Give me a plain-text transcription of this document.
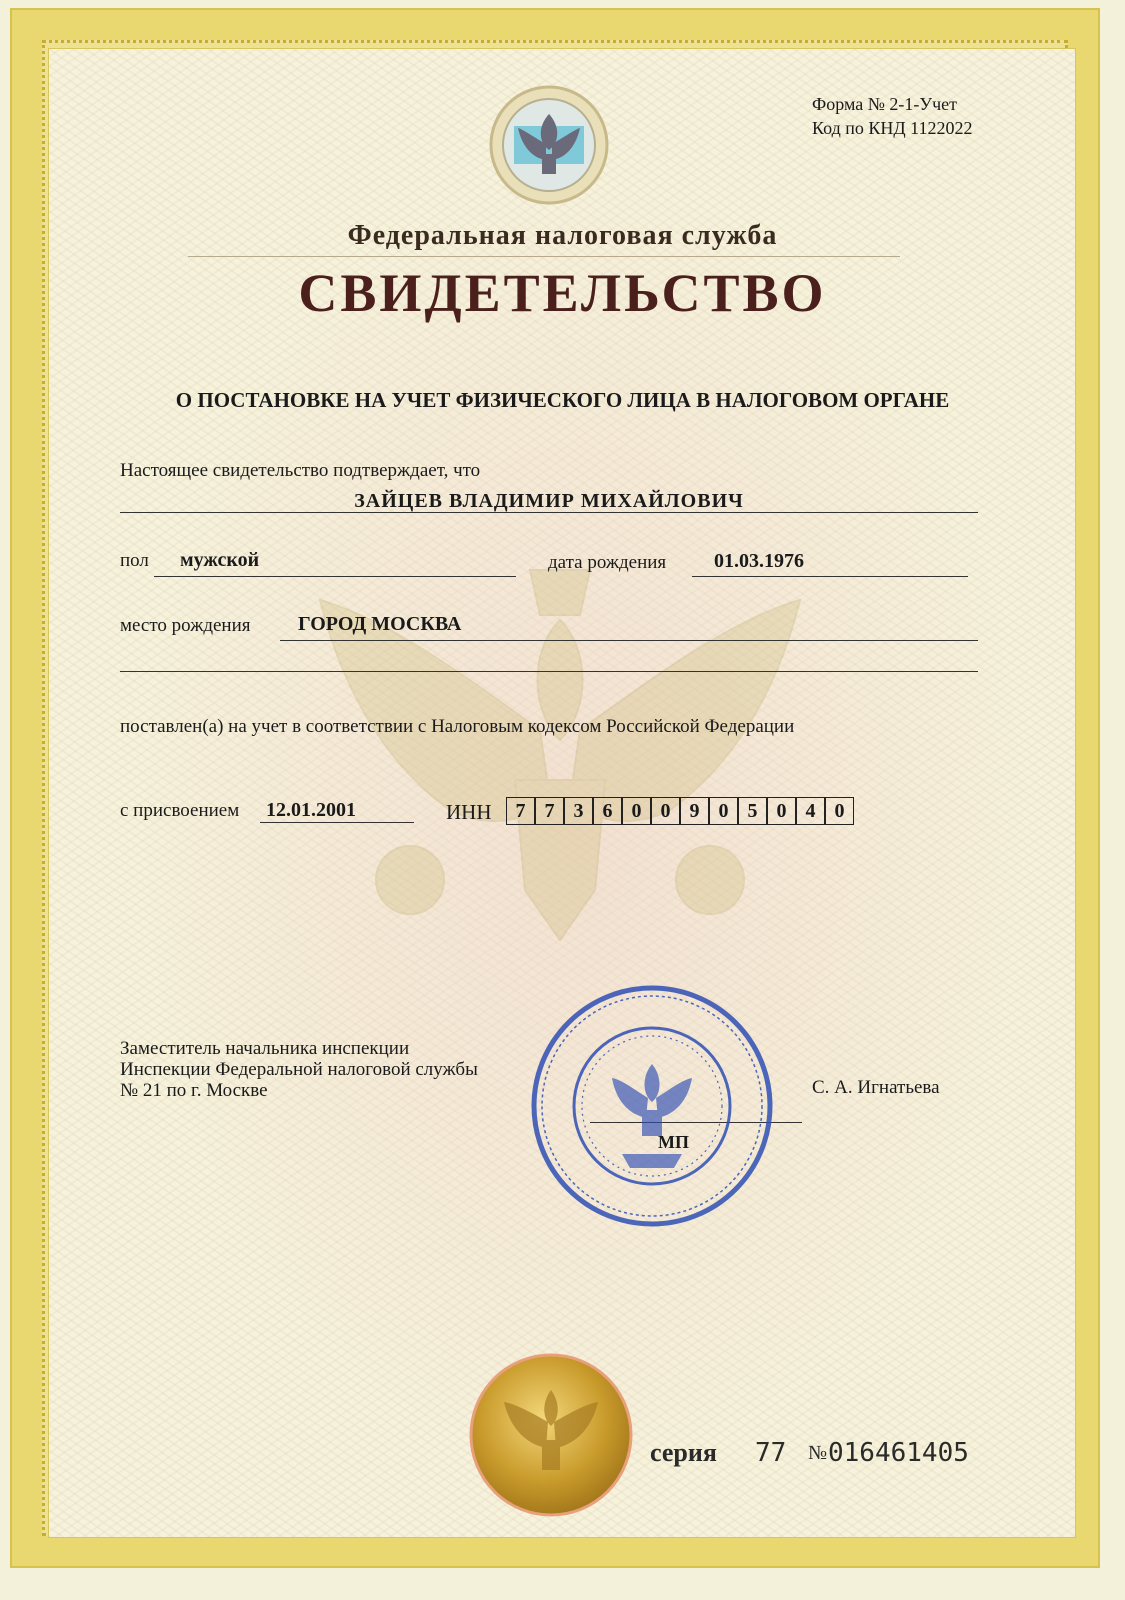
Форма № 2-1-Учет
Код по КНД 1122022
Федеральная налоговая служба
СВИДЕТЕЛЬСТВО
О ПОСТАНОВКЕ НА УЧЕТ ФИЗИЧЕСКОГО ЛИЦА В НАЛОГОВОМ ОРГАНЕ
Настоящее свидетельство подтверждает, что
ЗАЙЦЕВ ВЛАДИМИР МИХАЙЛОВИЧ
пол мужской	дата рождения 01.03.1976
место рождения ГОРОД МОСКВА
поставлен(а) на учет в соответствии с Налоговым кодексом Российской Федерации
с присвоением 12.01.2001	ИНН	7 7 3 6 0 0 9 0 5 0 4 0
Заместитель начальника инспекции
Инспекции Федеральной налоговой службы
№ 21 по г. Москве	С. А. Игнатьева
МП
серия 77 № 016461405
